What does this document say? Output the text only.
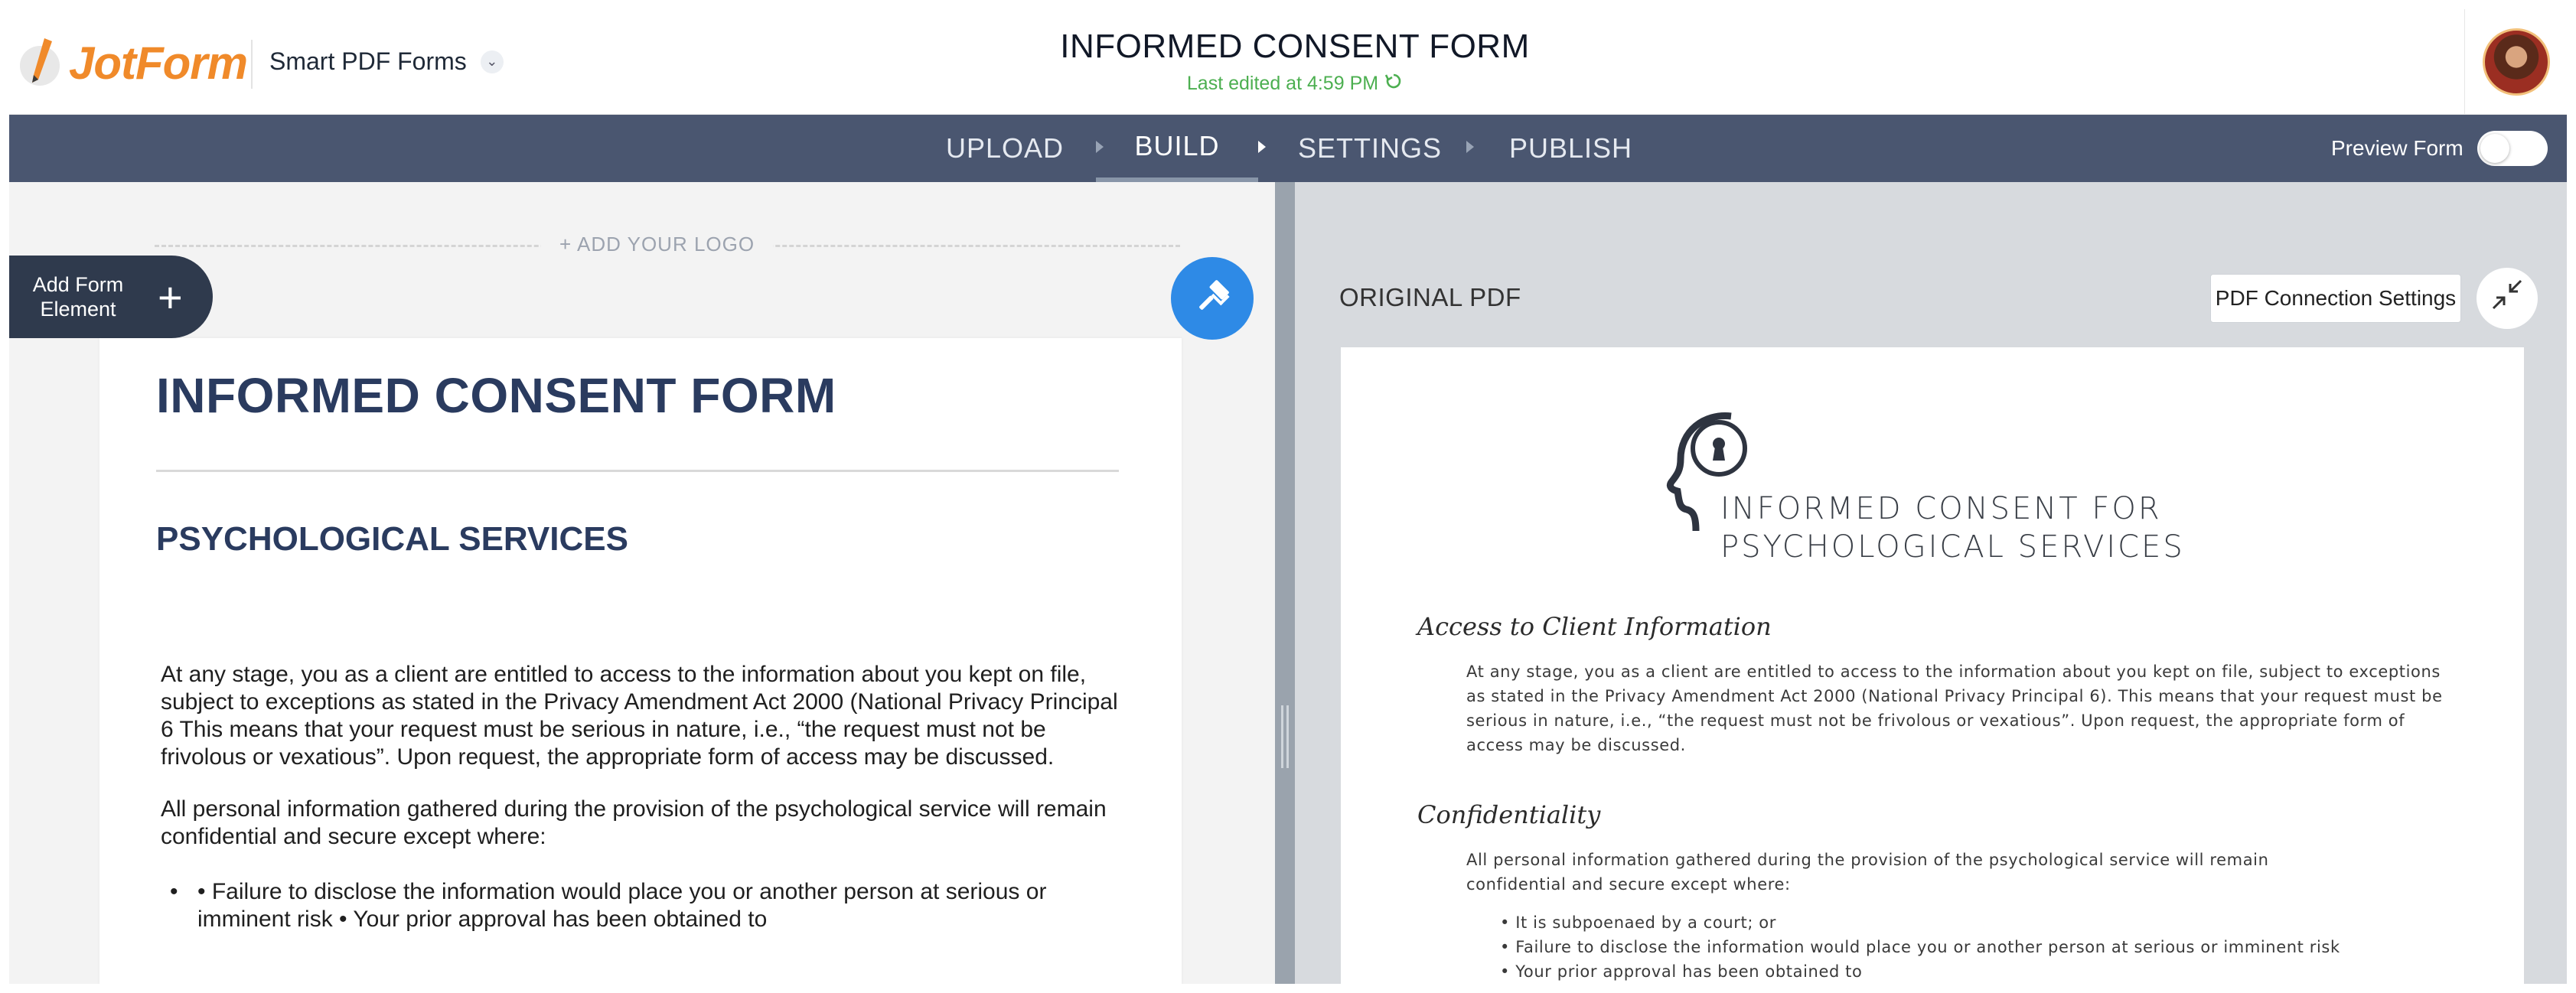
JotForm Smart PDF Forms	⌄	INFORMED CONSENT FORM
Last edited at 4:59 PM
UPLOAD	BUILD	SETTINGS PUBLISH	Preview Form
+ ADD YOUR LOGO
Add Form Element +
INFORMED CONSENT FORM
PSYCHOLOGICAL SERVICES
At any stage, you as a client are entitled to access to the information about you kept on file, subject to exceptions as stated in the Privacy Amendment Act 2000 (National Privacy Principal 6 This means that your request must be serious in nature, i.e., “the request must not be frivolous or vexatious”. Upon request, the appropriate form of access may be discussed.
All personal information gathered during the provision of the psychological service will remain confidential and secure except where:
• • Failure to disclose the information would place you or another person at serious or imminent risk • Your prior approval has been obtained to
ORIGINAL PDF	PDF Connection Settings
INFORMED CONSENT FOR
PSYCHOLOGICAL SERVICES
Access to Client Information
At any stage, you as a client are entitled to access to the information about you kept on file, subject to exceptions as stated in the Privacy Amendment Act 2000 (National Privacy Principal 6). This means that your request must be serious in nature, i.e., “the request must not be frivolous or vexatious”. Upon request, the appropriate form of access may be discussed.
Confidentiality
All personal information gathered during the provision of the psychological service will remain confidential and secure except where:
• It is subpoenaed by a court; or
• Failure to disclose the information would place you or another person at serious or imminent risk
• Your prior approval has been obtained to
